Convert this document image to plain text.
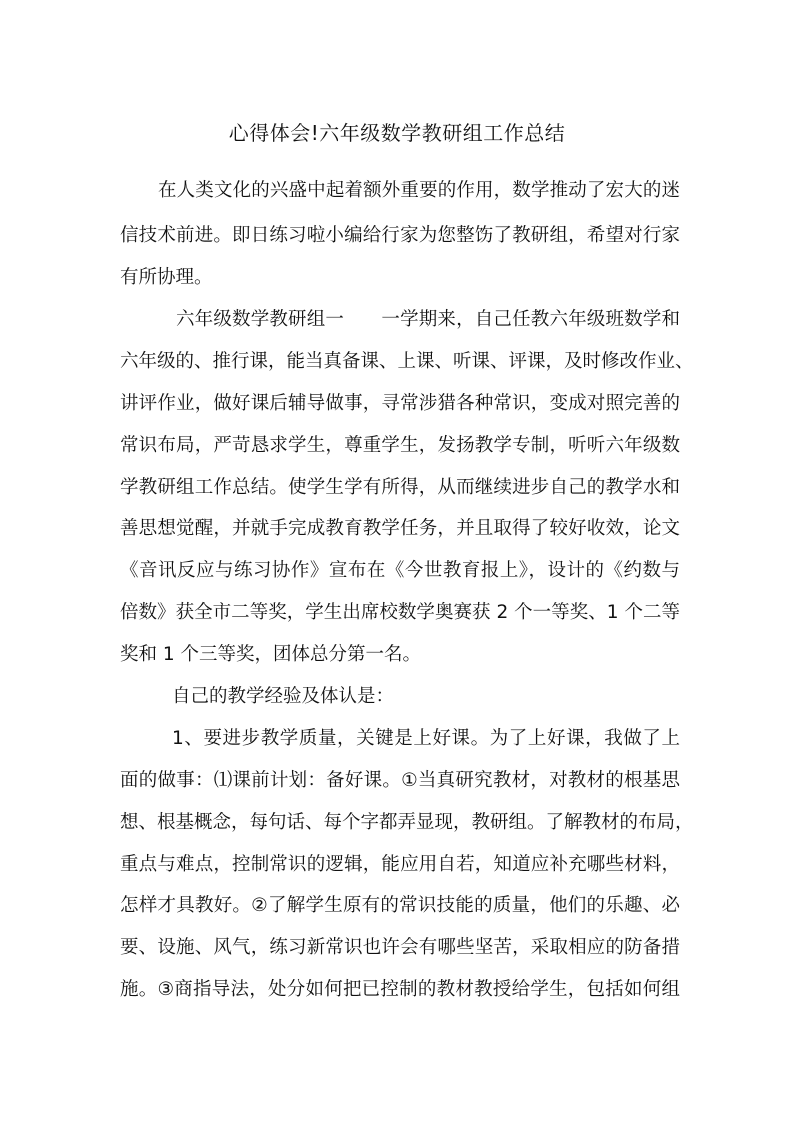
心得体会!六年级数学教研组工作总结
在人类文化的兴盛中起着额外重要的作用，数学推动了宏大的迷
信技术前进。即日练习啦小编给行家为您整饬了教研组，希望对行家
有所协理。
六年级数学教研组一　　一学期来，自己任教六年级班数学和
六年级的、推行课，能当真备课、上课、听课、评课，及时修改作业、
讲评作业，做好课后辅导做事，寻常涉猎各种常识，变成对照完善的
常识布局，严苛恳求学生，尊重学生，发扬教学专制，听听六年级数
学教研组工作总结。使学生学有所得，从而继续进步自己的教学水和
善思想觉醒，并就手完成教育教学任务，并且取得了较好收效，论文
《音讯反应与练习协作》宣布在《今世教育报上》，设计的《约数与
倍数》获全市二等奖，学生出席校数学奥赛获 2 个一等奖、1 个二等
奖和 1 个三等奖，团体总分第一名。
自己的教学经验及体认是：
1、要进步教学质量，关键是上好课。为了上好课，我做了上
面的做事：⑴课前计划：备好课。①当真研究教材，对教材的根基思
想、根基概念，每句话、每个字都弄显现，教研组。了解教材的布局，
重点与难点，控制常识的逻辑，能应用自若，知道应补充哪些材料，
怎样才具教好。②了解学生原有的常识技能的质量，他们的乐趣、必
要、设施、风气，练习新常识也许会有哪些坚苦，采取相应的防备措
施。③商指导法，处分如何把已控制的教材教授给学生，包括如何组
